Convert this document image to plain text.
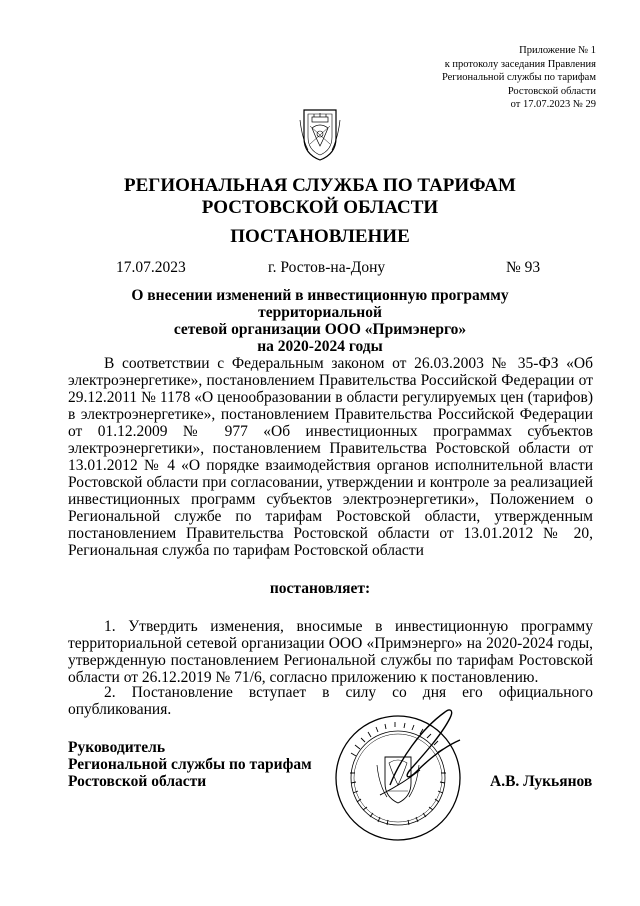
Приложение № 1
к протоколу заседания Правления
Региональной службы по тарифам
Ростовской области
от 17.07.2023 № 29
РЕГИОНАЛЬНАЯ СЛУЖБА ПО ТАРИФАМ
РОСТОВСКОЙ ОБЛАСТИ
ПОСТАНОВЛЕНИЕ
17.07.2023	г. Ростов-на-Дону	№ 93
О внесении изменений в инвестиционную программу территориальной
сетевой организации ООО «Примэнерго»
на 2020-2024 годы

В соответствии с Федеральным законом от 26.03.2003 № 35-ФЗ «Об электроэнергетике», постановлением Правительства Российской Федерации от 29.12.2011 № 1178 «О ценообразовании в области регулируемых цен (тарифов) в электроэнергетике», постановлением Правительства Российской Федерации от 01.12.2009 № 977 «Об инвестиционных программах субъектов электроэнергетики», постановлением Правительства Ростовской области от 13.01.2012 № 4 «О порядке взаимодействия органов исполнительной власти Ростовской области при согласовании, утверждении и контроле за реализацией инвестиционных программ субъектов электроэнергетики», Положением о Региональной службе по тарифам Ростовской области, утвержденным постановлением Правительства Ростовской области от 13.01.2012 № 20, Региональная служба по тарифам Ростовской области

постановляет:

1. Утвердить изменения, вносимые в инвестиционную программу территориальной сетевой организации ООО «Примэнерго» на 2020-2024 годы, утвержденную постановлением Региональной службы по тарифам Ростовской области от 26.12.2019 № 71/6, согласно приложению к постановлению.

2. Постановление вступает в силу со дня его официального опубликования.

Руководитель
Региональной службы по тарифам
Ростовской области	А.В. Лукьянов
